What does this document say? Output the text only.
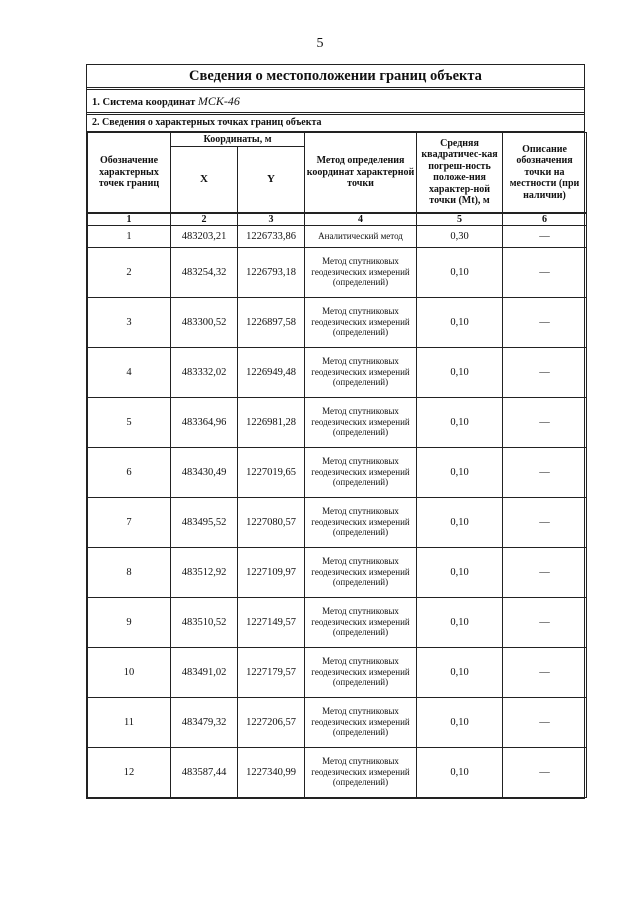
5
Сведения о местоположении границ объекта
1. Система координат МСК-46
2. Сведения о характерных точках границ объекта
Обозначение характерных точек границ	Координаты, м		Метод определения координат характерной точки	Средняя квадратичес-кая погреш-ность положе-ния характер-ной точки (Mt), м	Описание обозначения точки на местности (при наличии)
	X	Y			
1	2	3	4	5	6
1	483203,21	1226733,86	Аналитический метод	0,30	—
2	483254,32	1226793,18	Метод спутниковых геодезических измерений (определений)	0,10	—
3	483300,52	1226897,58	Метод спутниковых геодезических измерений (определений)	0,10	—
4	483332,02	1226949,48	Метод спутниковых геодезических измерений (определений)	0,10	—
5	483364,96	1226981,28	Метод спутниковых геодезических измерений (определений)	0,10	—
6	483430,49	1227019,65	Метод спутниковых геодезических измерений (определений)	0,10	—
7	483495,52	1227080,57	Метод спутниковых геодезических измерений (определений)	0,10	—
8	483512,92	1227109,97	Метод спутниковых геодезических измерений (определений)	0,10	—
9	483510,52	1227149,57	Метод спутниковых геодезических измерений (определений)	0,10	—
10	483491,02	1227179,57	Метод спутниковых геодезических измерений (определений)	0,10	—
11	483479,32	1227206,57	Метод спутниковых геодезических измерений (определений)	0,10	—
12	483587,44	1227340,99	Метод спутниковых геодезических измерений (определений)	0,10	—
